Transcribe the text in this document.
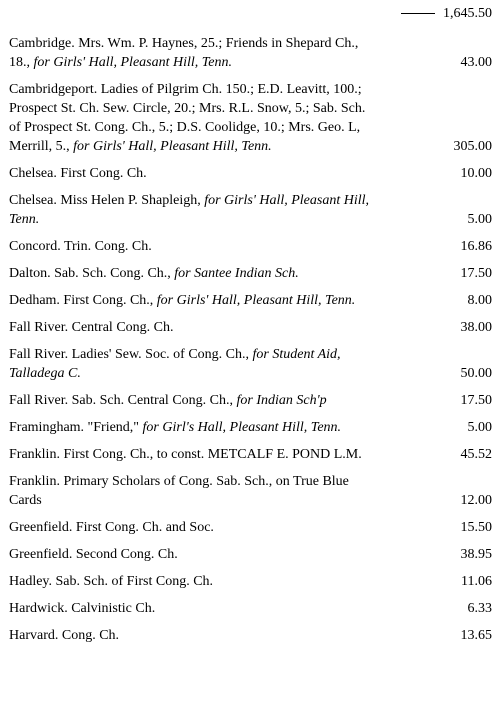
1,645.50
Cambridge. Mrs. Wm. P. Haynes, 25.; Friends in Shepard Ch., 18., for Girls' Hall, Pleasant Hill, Tenn.	43.00
Cambridgeport. Ladies of Pilgrim Ch. 150.; E.D. Leavitt, 100.; Prospect St. Ch. Sew. Circle, 20.; Mrs. R.L. Snow, 5.; Sab. Sch. of Prospect St. Cong. Ch., 5.; D.S. Coolidge, 10.; Mrs. Geo. L, Merrill, 5., for Girls' Hall, Pleasant Hill, Tenn.	305.00
Chelsea. First Cong. Ch.	10.00
Chelsea. Miss Helen P. Shapleigh, for Girls' Hall, Pleasant Hill, Tenn.	5.00
Concord. Trin. Cong. Ch.	16.86
Dalton. Sab. Sch. Cong. Ch., for Santee Indian Sch.	17.50
Dedham. First Cong. Ch., for Girls' Hall, Pleasant Hill, Tenn.	8.00
Fall River. Central Cong. Ch.	38.00
Fall River. Ladies' Sew. Soc. of Cong. Ch., for Student Aid, Talladega C.	50.00
Fall River. Sab. Sch. Central Cong. Ch., for Indian Sch'p	17.50
Framingham. "Friend," for Girl's Hall, Pleasant Hill, Tenn.	5.00
Franklin. First Cong. Ch., to const. METCALF E. POND L.M.	45.52
Franklin. Primary Scholars of Cong. Sab. Sch., on True Blue Cards	12.00
Greenfield. First Cong. Ch. and Soc.	15.50
Greenfield. Second Cong. Ch.	38.95
Hadley. Sab. Sch. of First Cong. Ch.	11.06
Hardwick. Calvinistic Ch.	6.33
Harvard. Cong. Ch.	13.65
